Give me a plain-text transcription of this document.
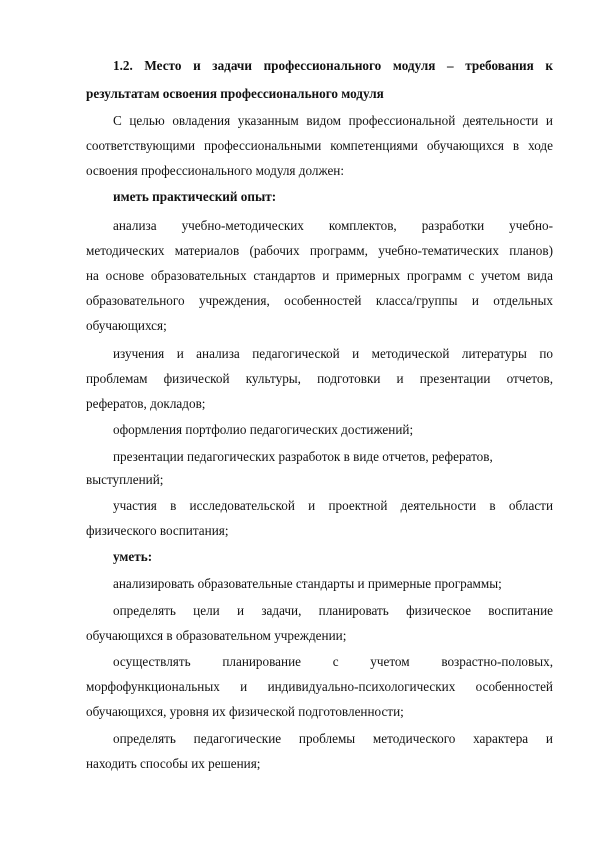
1.2. Место и задачи профессионального модуля – требования к
результатам освоения профессионального модуля
С целью овладения указанным видом профессиональной деятельности и
соответствующими профессиональными компетенциями обучающихся в ходе
освоения профессионального модуля должен:
иметь практический опыт:
анализа учебно-методических комплектов, разработки учебно-
методических материалов (рабочих программ, учебно-тематических планов)
на основе образовательных стандартов и примерных программ с учетом вида
образовательного учреждения, особенностей класса/группы и отдельных
обучающихся;
изучения и анализа педагогической и методической литературы по
проблемам физической культуры, подготовки и презентации отчетов,
рефератов, докладов;
оформления портфолио педагогических достижений;
презентации педагогических разработок в виде отчетов, рефератов,
выступлений;
участия в исследовательской и проектной деятельности в области
физического воспитания;
уметь:
анализировать образовательные стандарты и примерные программы;
определять цели и задачи, планировать физическое воспитание
обучающихся в образовательном учреждении;
осуществлять планирование с учетом возрастно-половых,
морфофункциональных и индивидуально-психологических особенностей
обучающихся, уровня их физической подготовленности;
определять педагогические проблемы методического характера и
находить способы их решения;
